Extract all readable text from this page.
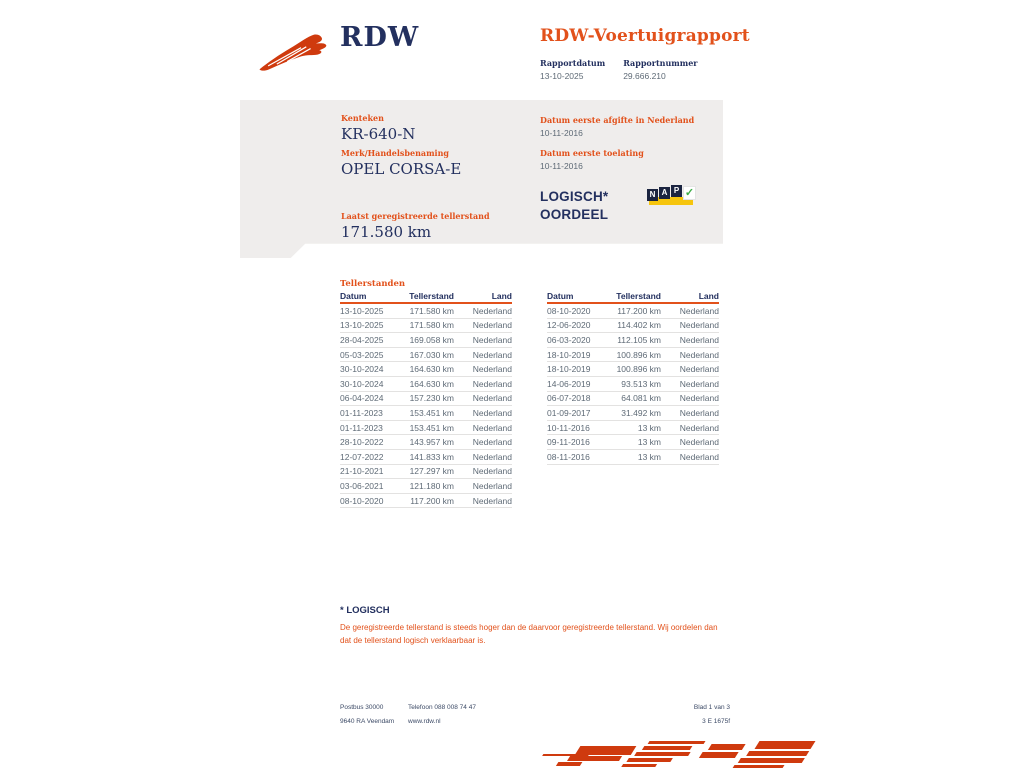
RDW	RDW-Voertuigrapport
Rapportdatum
13-10-2025
Rapportnummer
29.666.210
Kenteken
KR-640-N
Merk/Handelsbenaming
OPEL CORSA-E
Laatst geregistreerde tellerstand
171.580 km
Datum eerste afgifte in Nederland
10-11-2016
Datum eerste toelating
10-11-2016
LOGISCH*
OORDEEL
N A P ✓
Tellerstanden
Datum	Tellerstand	Land
13-10-2025	171.580 km	Nederland
13-10-2025	171.580 km	Nederland
28-04-2025	169.058 km	Nederland
05-03-2025	167.030 km	Nederland
30-10-2024	164.630 km	Nederland
30-10-2024	164.630 km	Nederland
06-04-2024	157.230 km	Nederland
01-11-2023	153.451 km	Nederland
01-11-2023	153.451 km	Nederland
28-10-2022	143.957 km	Nederland
12-07-2022	141.833 km	Nederland
21-10-2021	127.297 km	Nederland
03-06-2021	121.180 km	Nederland
08-10-2020	117.200 km	Nederland
Datum	Tellerstand	Land
08-10-2020	117.200 km	Nederland
12-06-2020	114.402 km	Nederland
06-03-2020	112.105 km	Nederland
18-10-2019	100.896 km	Nederland
18-10-2019	100.896 km	Nederland
14-06-2019	93.513 km	Nederland
06-07-2018	64.081 km	Nederland
01-09-2017	31.492 km	Nederland
10-11-2016	13 km	Nederland
09-11-2016	13 km	Nederland
08-11-2016	13 km	Nederland
* LOGISCH
De geregistreerde tellerstand is steeds hoger dan de daarvoor geregistreerde tellerstand. Wij oordelen dan dat de tellerstand logisch verklaarbaar is.
Postbus 30000
9640 RA Veendam
Telefoon 088 008 74 47
www.rdw.nl
Blad 1 van 3
3 E 1675f
